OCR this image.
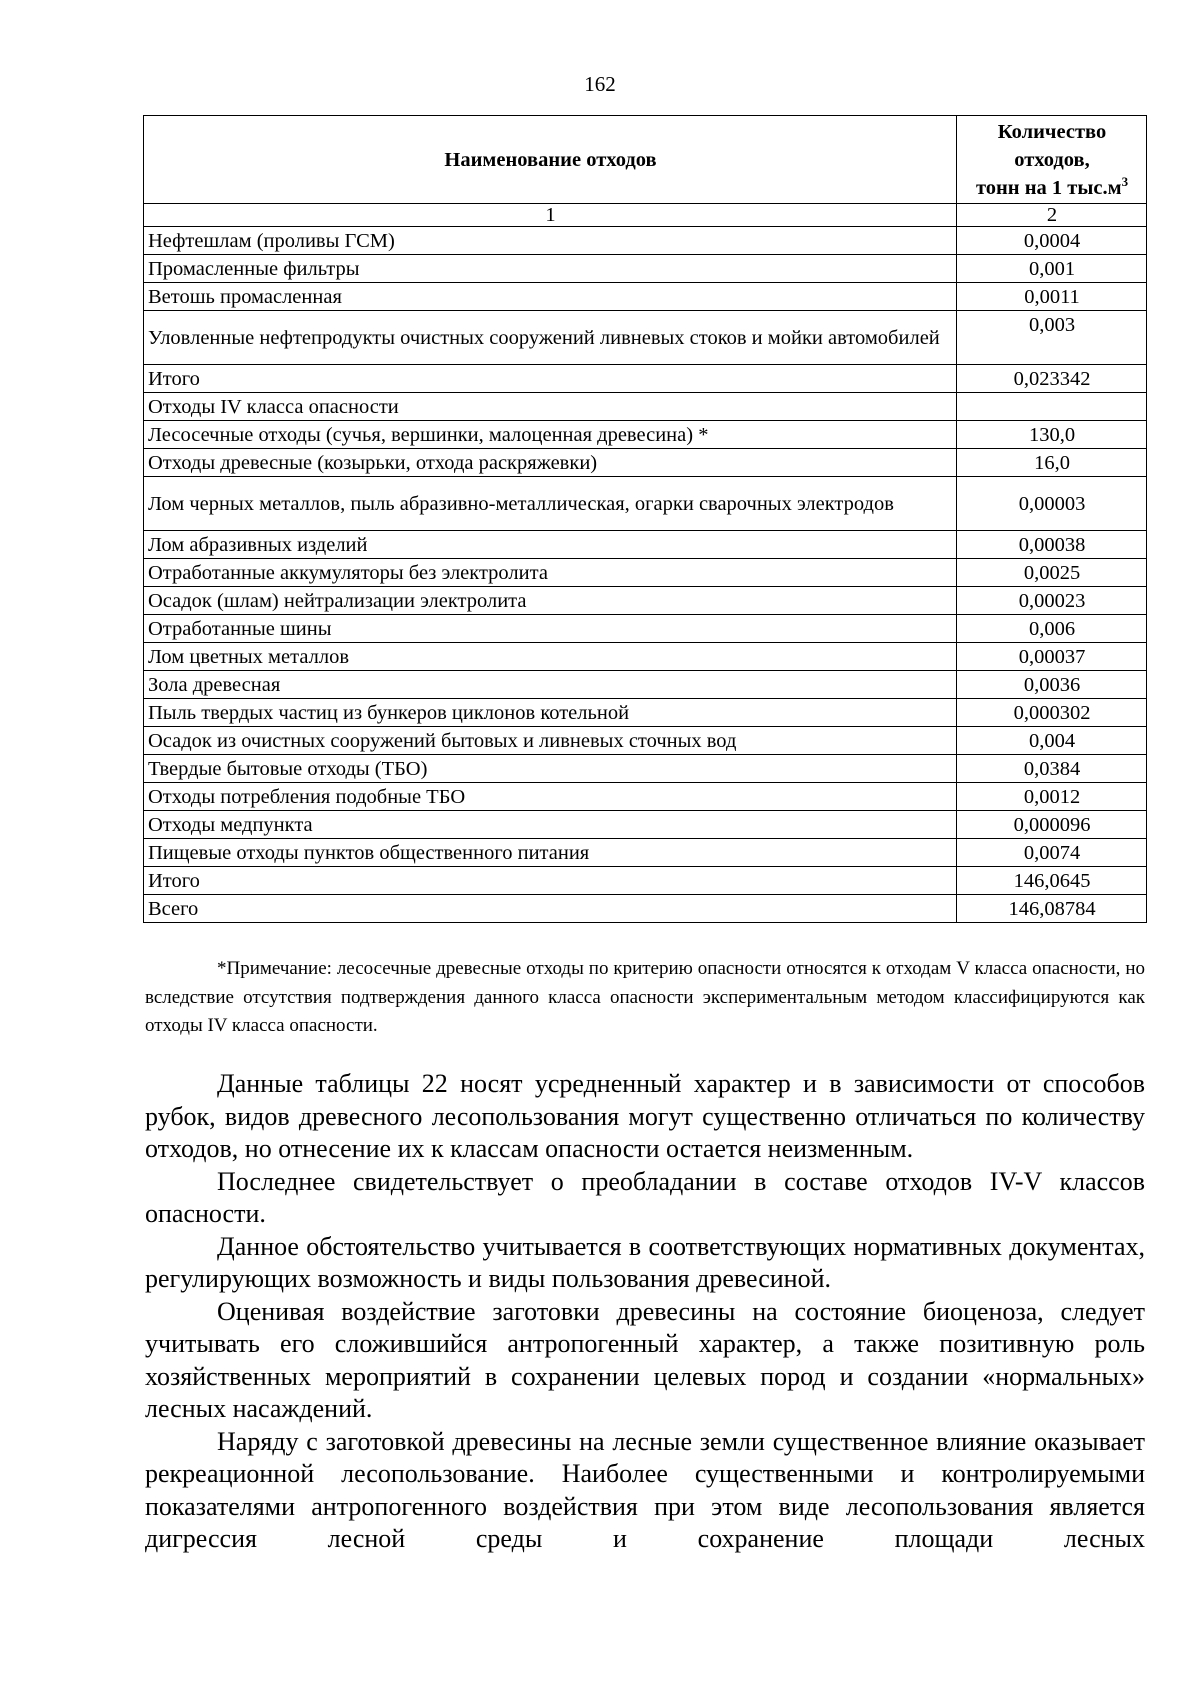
162
Наименование отходов	Количество
отходов,
тонн на 1 $тыс.м^3$
1	2
Нефтешлам (проливы ГСМ)	0,0004
Промасленные фильтры	0,001
Ветошь промасленная	0,0011
Уловленные нефтепродукты очистных сооружений ливневых стоков и мойки автомобилей	0,003
Итого	0,023342
Отходы IV класса опасности	
Лесосечные отходы (сучья, вершинки, малоценная древесина) *	130,0
Отходы древесные (козырьки, отхода раскряжевки)	16,0
Лом черных металлов, пыль абразивно-металлическая, огарки сварочных электродов	0,00003
Лом абразивных изделий	0,00038
Отработанные аккумуляторы без электролита	0,0025
Осадок (шлам) нейтрализации электролита	0,00023
Отработанные шины	0,006
Лом цветных металлов	0,00037
Зола древесная	0,0036
Пыль твердых частиц из бункеров циклонов котельной	0,000302
Осадок из очистных сооружений бытовых и ливневых сточных вод	0,004
Твердые бытовые отходы (ТБО)	0,0384
Отходы потребления подобные ТБО	0,0012
Отходы медпункта	0,000096
Пищевые отходы пунктов общественного питания	0,0074
Итого	146,0645
Всего	146,08784
*Примечание: лесосечные древесные отходы по критерию опасности относятся к отходам V класса опасности, но вследствие отсутствия подтверждения данного класса опасности экспериментальным методом классифицируются как отходы IV класса опасности.

Данные таблицы 22 носят усредненный характер и в зависимости от способов рубок, видов древесного лесопользования могут существенно отличаться по количеству отходов, но отнесение их к классам опасности остается неизменным.

Последнее свидетельствует о преобладании в составе отходов IV-V классов опасности.

Данное обстоятельство учитывается в соответствующих нормативных документах, регулирующих возможность и виды пользования древесиной.

Оценивая воздействие заготовки древесины на состояние биоценоза, следует учитывать его сложившийся антропогенный характер, а также позитивную роль хозяйственных мероприятий в сохранении целевых пород и создании «нормальных» лесных насаждений.

Наряду с заготовкой древесины на лесные земли существенное влияние оказывает рекреационной лесопользование. Наиболее существенными и контролируемыми показателями антропогенного воздействия при этом виде лесопользования является дигрессия лесной среды и сохранение площади лесных
